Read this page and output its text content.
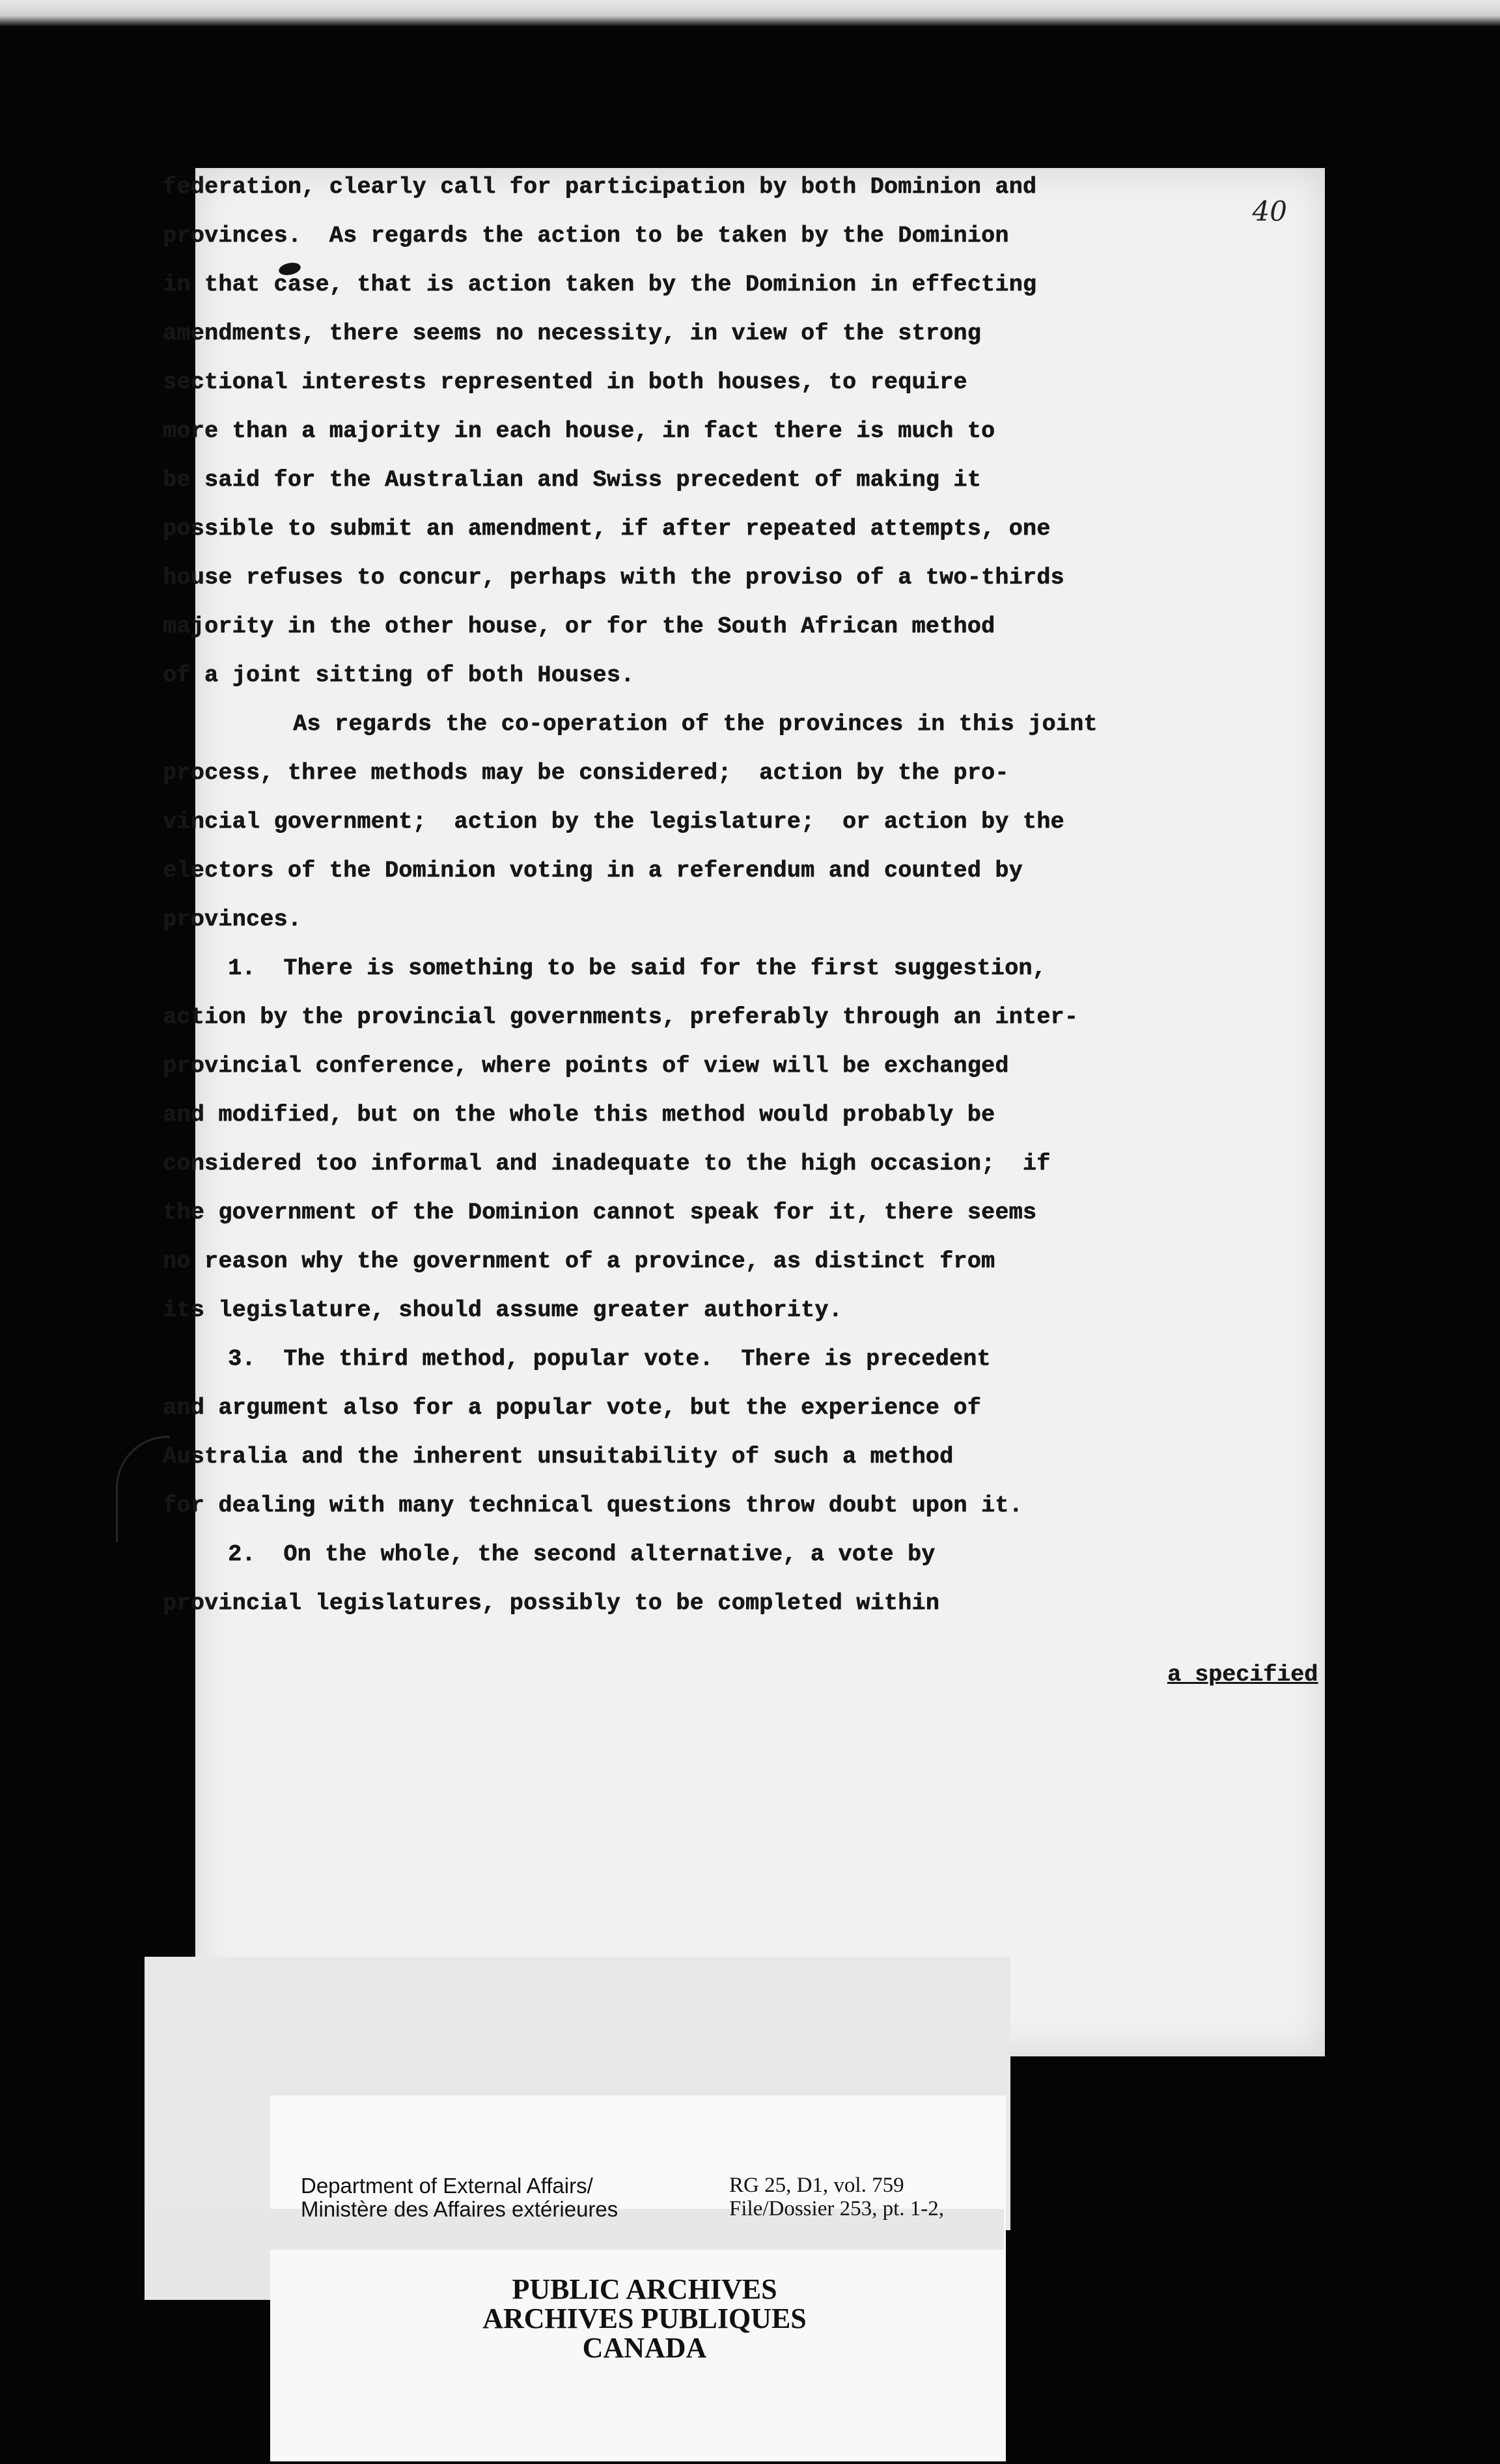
40
federation, clearly call for participation by both Dominion and
provinces.  As regards the action to be taken by the Dominion
in that case, that is action taken by the Dominion in effecting
amendments, there seems no necessity, in view of the strong
sectional interests represented in both houses, to require
more than a majority in each house, in fact there is much to
be said for the Australian and Swiss precedent of making it
possible to submit an amendment, if after repeated attempts, one
house refuses to concur, perhaps with the proviso of a two-thirds
majority in the other house, or for the South African method
of a joint sitting of both Houses.
As regards the co-operation of the provinces in this joint
process, three methods may be considered;  action by the pro-
vincial government;  action by the legislature;  or action by the
electors of the Dominion voting in a referendum and counted by
provinces.
1.  There is something to be said for the first suggestion,
action by the provincial governments, preferably through an inter-
provincial conference, where points of view will be exchanged
and modified, but on the whole this method would probably be
considered too informal and inadequate to the high occasion;  if
the government of the Dominion cannot speak for it, there seems
no reason why the government of a province, as distinct from
its legislature, should assume greater authority.
3.  The third method, popular vote.  There is precedent
and argument also for a popular vote, but the experience of
Australia and the inherent unsuitability of such a method
for dealing with many technical questions throw doubt upon it.
2.  On the whole, the second alternative, a vote by
provincial legislatures, possibly to be completed within
a specified
Department of External Affairs/
Ministère des Affaires extérieures
RG 25, D1, vol. 759
File/Dossier 253, pt. 1-2,
PUBLIC ARCHIVES
ARCHIVES PUBLIQUES
CANADA
